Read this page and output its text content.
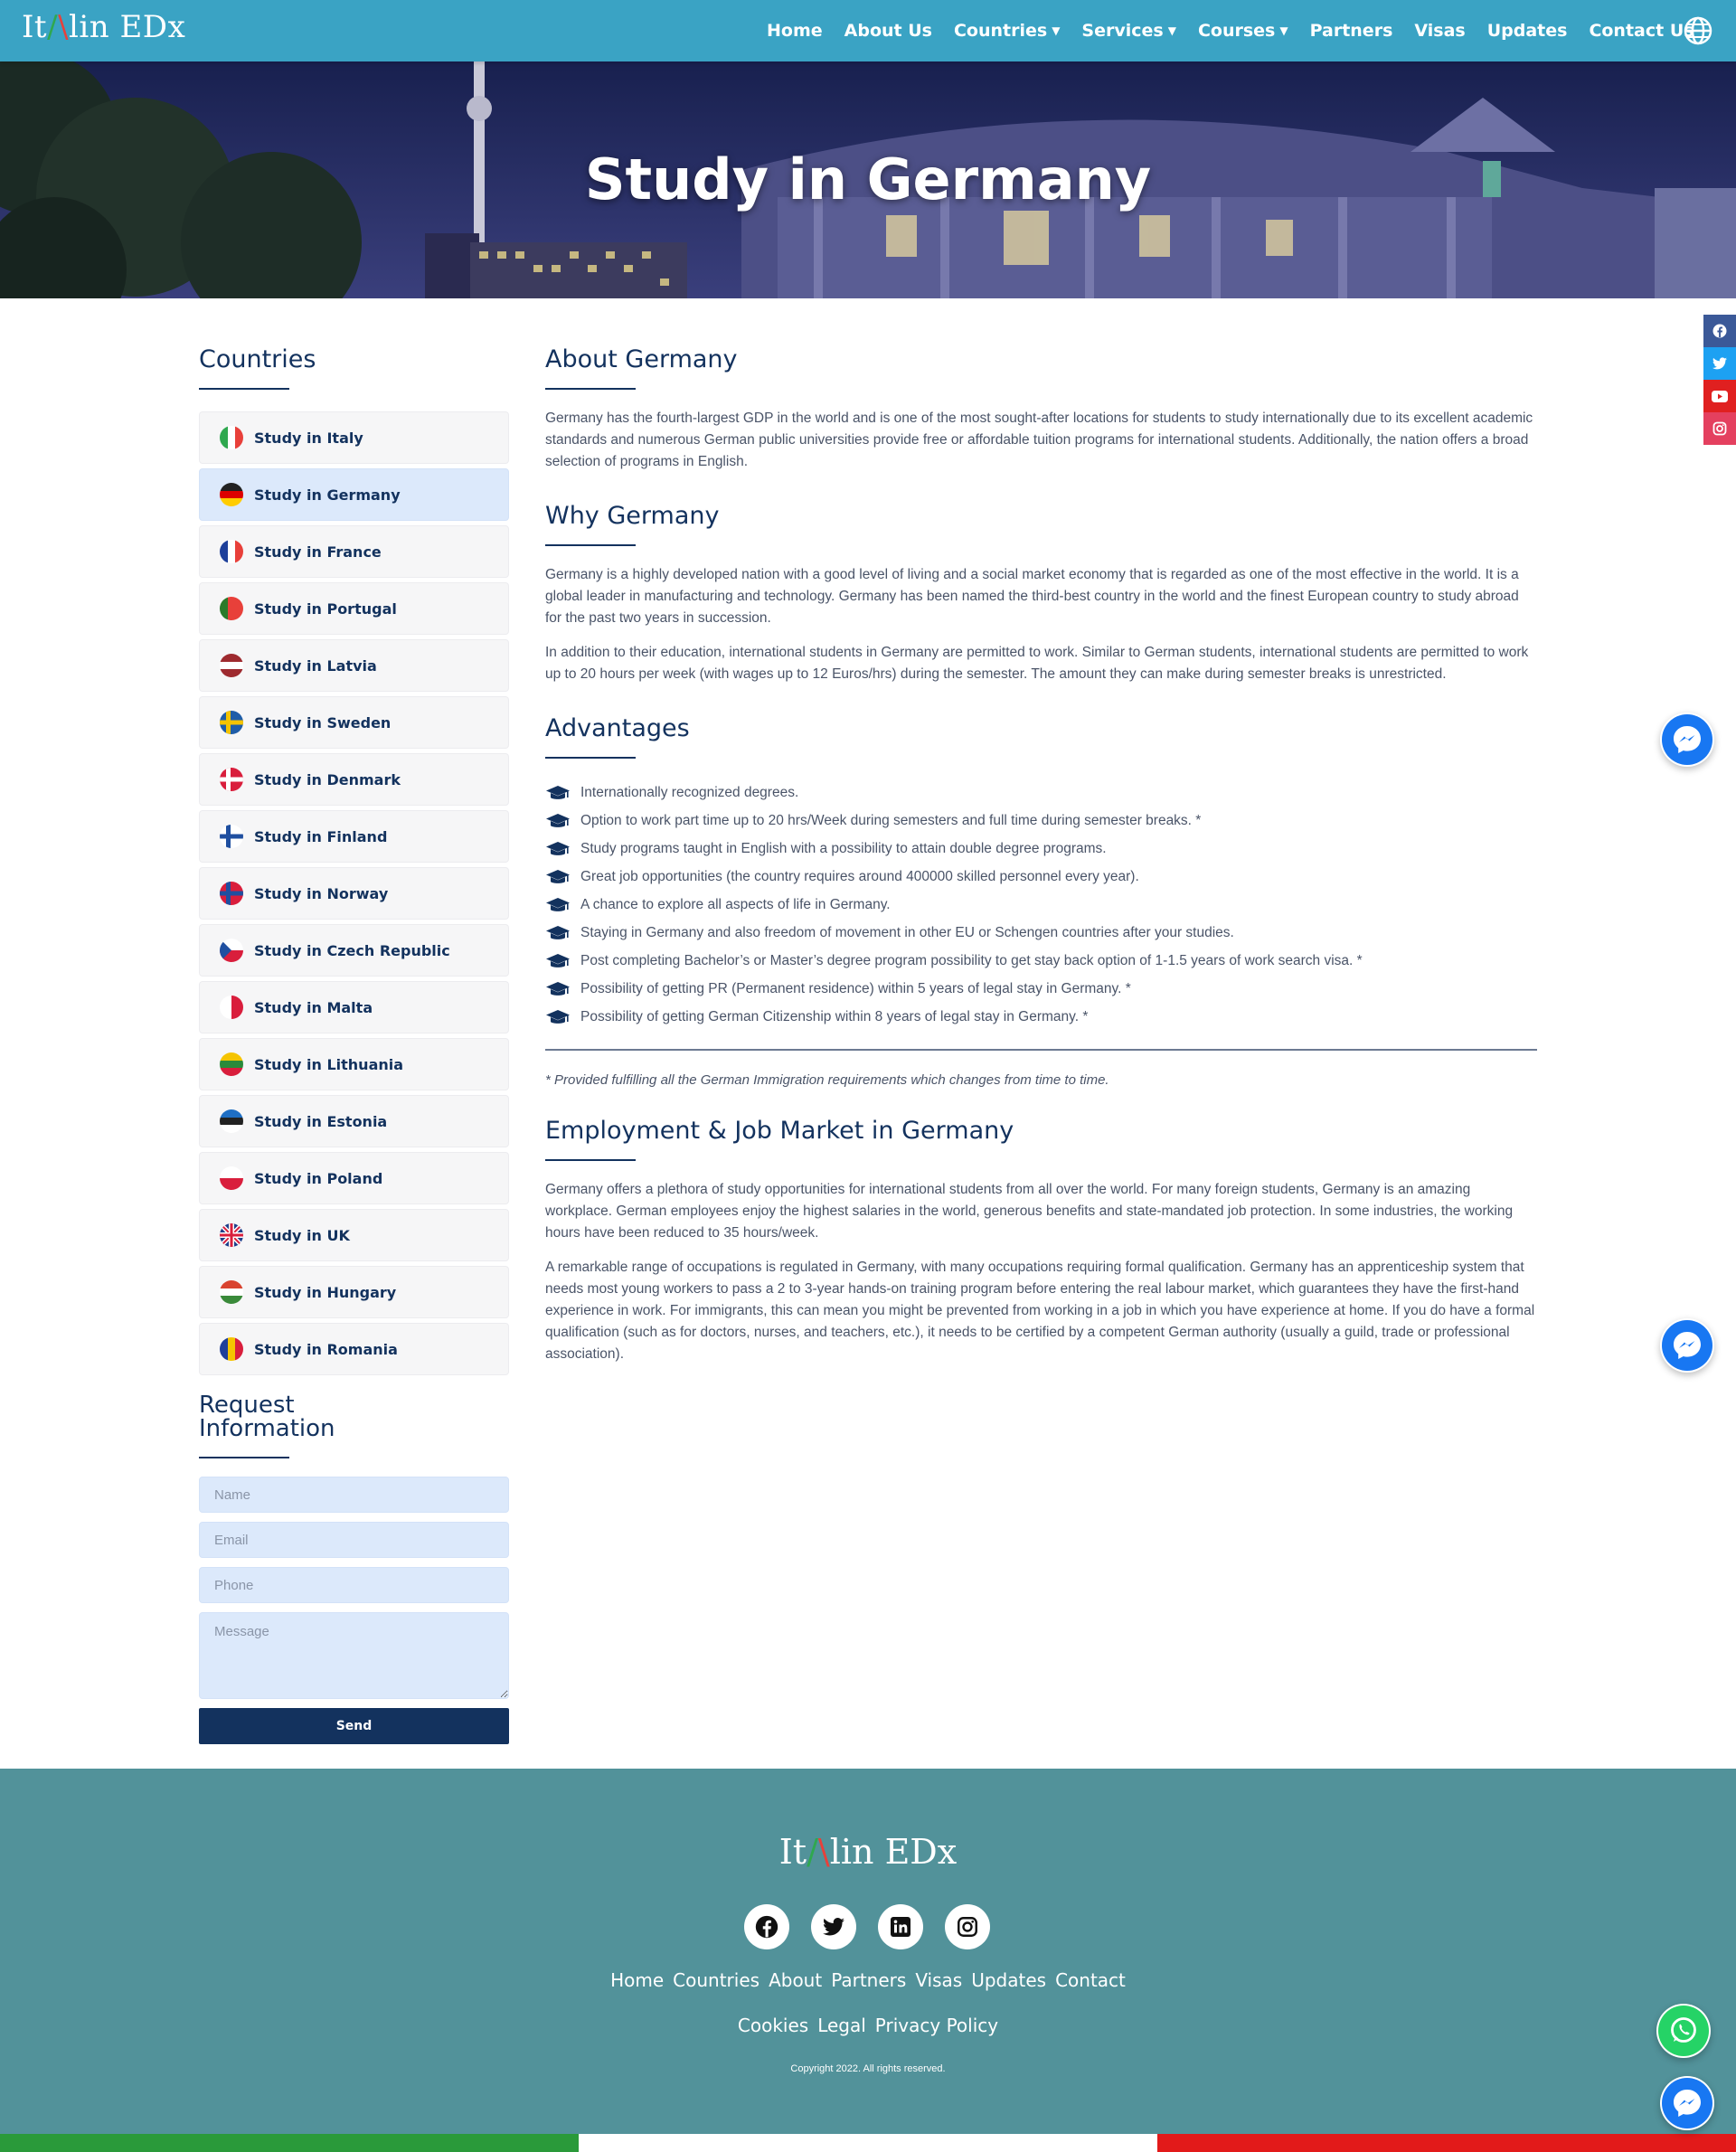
It/\lin EDx	Home About Us Countries ▼ Services ▼ Courses ▼ Partners Visas Updates Contact Us
Study in Germany
Countries
Study in Italy
Study in Germany
Study in France
Study in Portugal
Study in Latvia
Study in Sweden
Study in Denmark
Study in Finland
Study in Norway
Study in Czech Republic
Study in Malta
Study in Lithuania
Study in Estonia
Study in Poland
Study in UK
Study in Hungary
Study in Romania
Request
Information
Name
Email
Phone
Message
Send
About Germany
Germany has the fourth-largest GDP in the world and is one of the most sought-after locations for students to study internationally due to its excellent academic standards and numerous German public universities provide free or affordable tuition programs for international students. Additionally, the nation offers a broad selection of programs in English.
Why Germany
Germany is a highly developed nation with a good level of living and a social market economy that is regarded as one of the most effective in the world. It is a global leader in manufacturing and technology. Germany has been named the third-best country in the world and the finest European country to study abroad for the past two years in succession.
In addition to their education, international students in Germany are permitted to work. Similar to German students, international students are permitted to work up to 20 hours per week (with wages up to 12 Euros/hrs) during the semester. The amount they can make during semester breaks is unrestricted.
Advantages
Internationally recognized degrees.
Option to work part time up to 20 hrs/Week during semesters and full time during semester breaks. *
Study programs taught in English with a possibility to attain double degree programs.
Great job opportunities (the country requires around 400000 skilled personnel every year).
A chance to explore all aspects of life in Germany.
Staying in Germany and also freedom of movement in other EU or Schengen countries after your studies.
Post completing Bachelor’s or Master’s degree program possibility to get stay back option of 1-1.5 years of work search visa. *
Possibility of getting PR (Permanent residence) within 5 years of legal stay in Germany. *
Possibility of getting German Citizenship within 8 years of legal stay in Germany. *
* Provided fulfilling all the German Immigration requirements which changes from time to time.
Employment & Job Market in Germany
Germany offers a plethora of study opportunities for international students from all over the world. For many foreign students, Germany is an amazing workplace. German employees enjoy the highest salaries in the world, generous benefits and state-mandated job protection. In some industries, the working hours have been reduced to 35 hours/week.
A remarkable range of occupations is regulated in Germany, with many occupations requiring formal qualification. Germany has an apprenticeship system that needs most young workers to pass a 2 to 3-year hands-on training program before entering the real labour market, which guarantees they have the first-hand experience in work. For immigrants, this can mean you might be prevented from working in a job in which you have experience at home. If you do have a formal qualification (such as for doctors, nurses, and teachers, etc.), it needs to be certified by a competent German authority (usually a guild, trade or professional association).
It/\lin EDx
Home Countries About Partners Visas Updates Contact
Cookies Legal Privacy Policy
Copyright 2022. All rights reserved.
